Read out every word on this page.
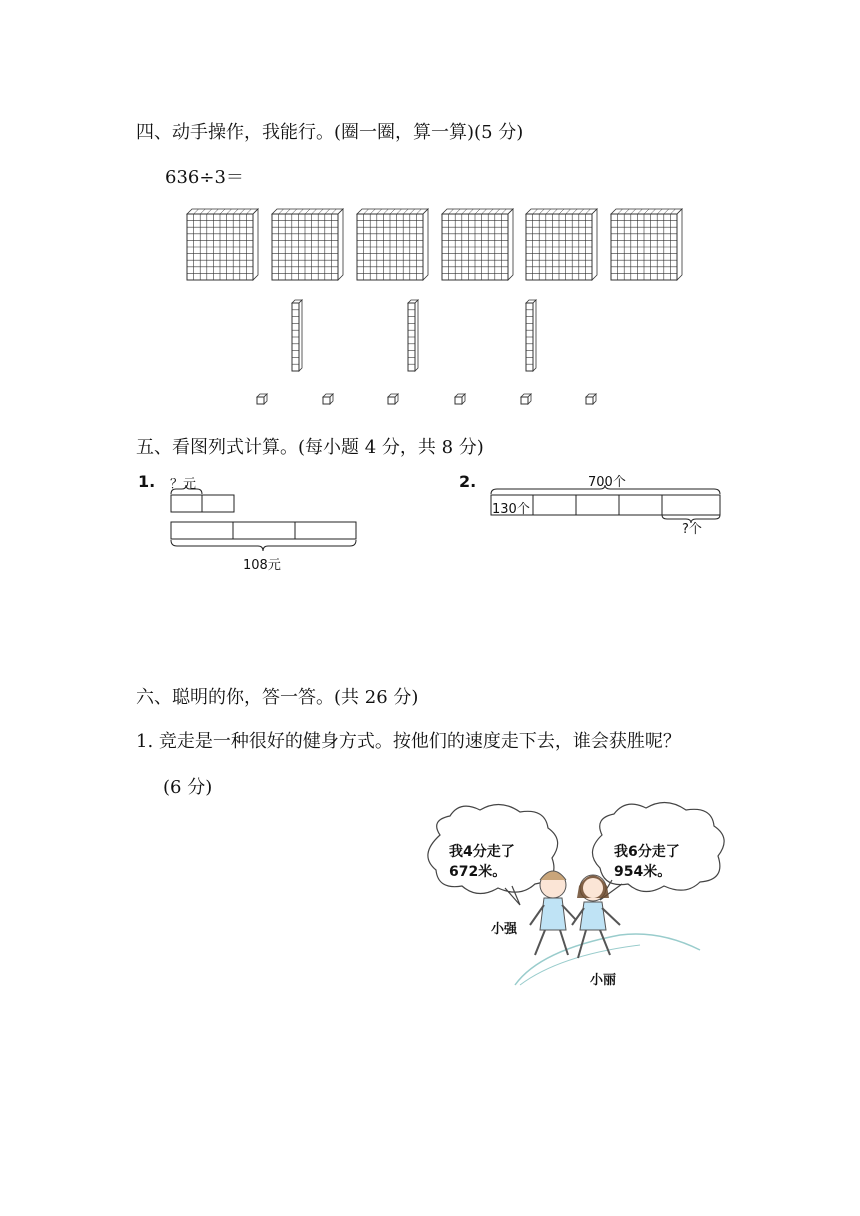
四、动手操作，我能行。(圈一圈，算一算)(5 分)
636÷3＝
五、看图列式计算。(每小题 4 分，共 8 分)
1. ？元
108元
2.	700个
130个
?个
六、聪明的你，答一答。(共 26 分)
1. 竞走是一种很好的健身方式。按他们的速度走下去，谁会获胜呢？
(6 分)
我4分走了
672米。
我6分走了
954米。
小强
小丽
